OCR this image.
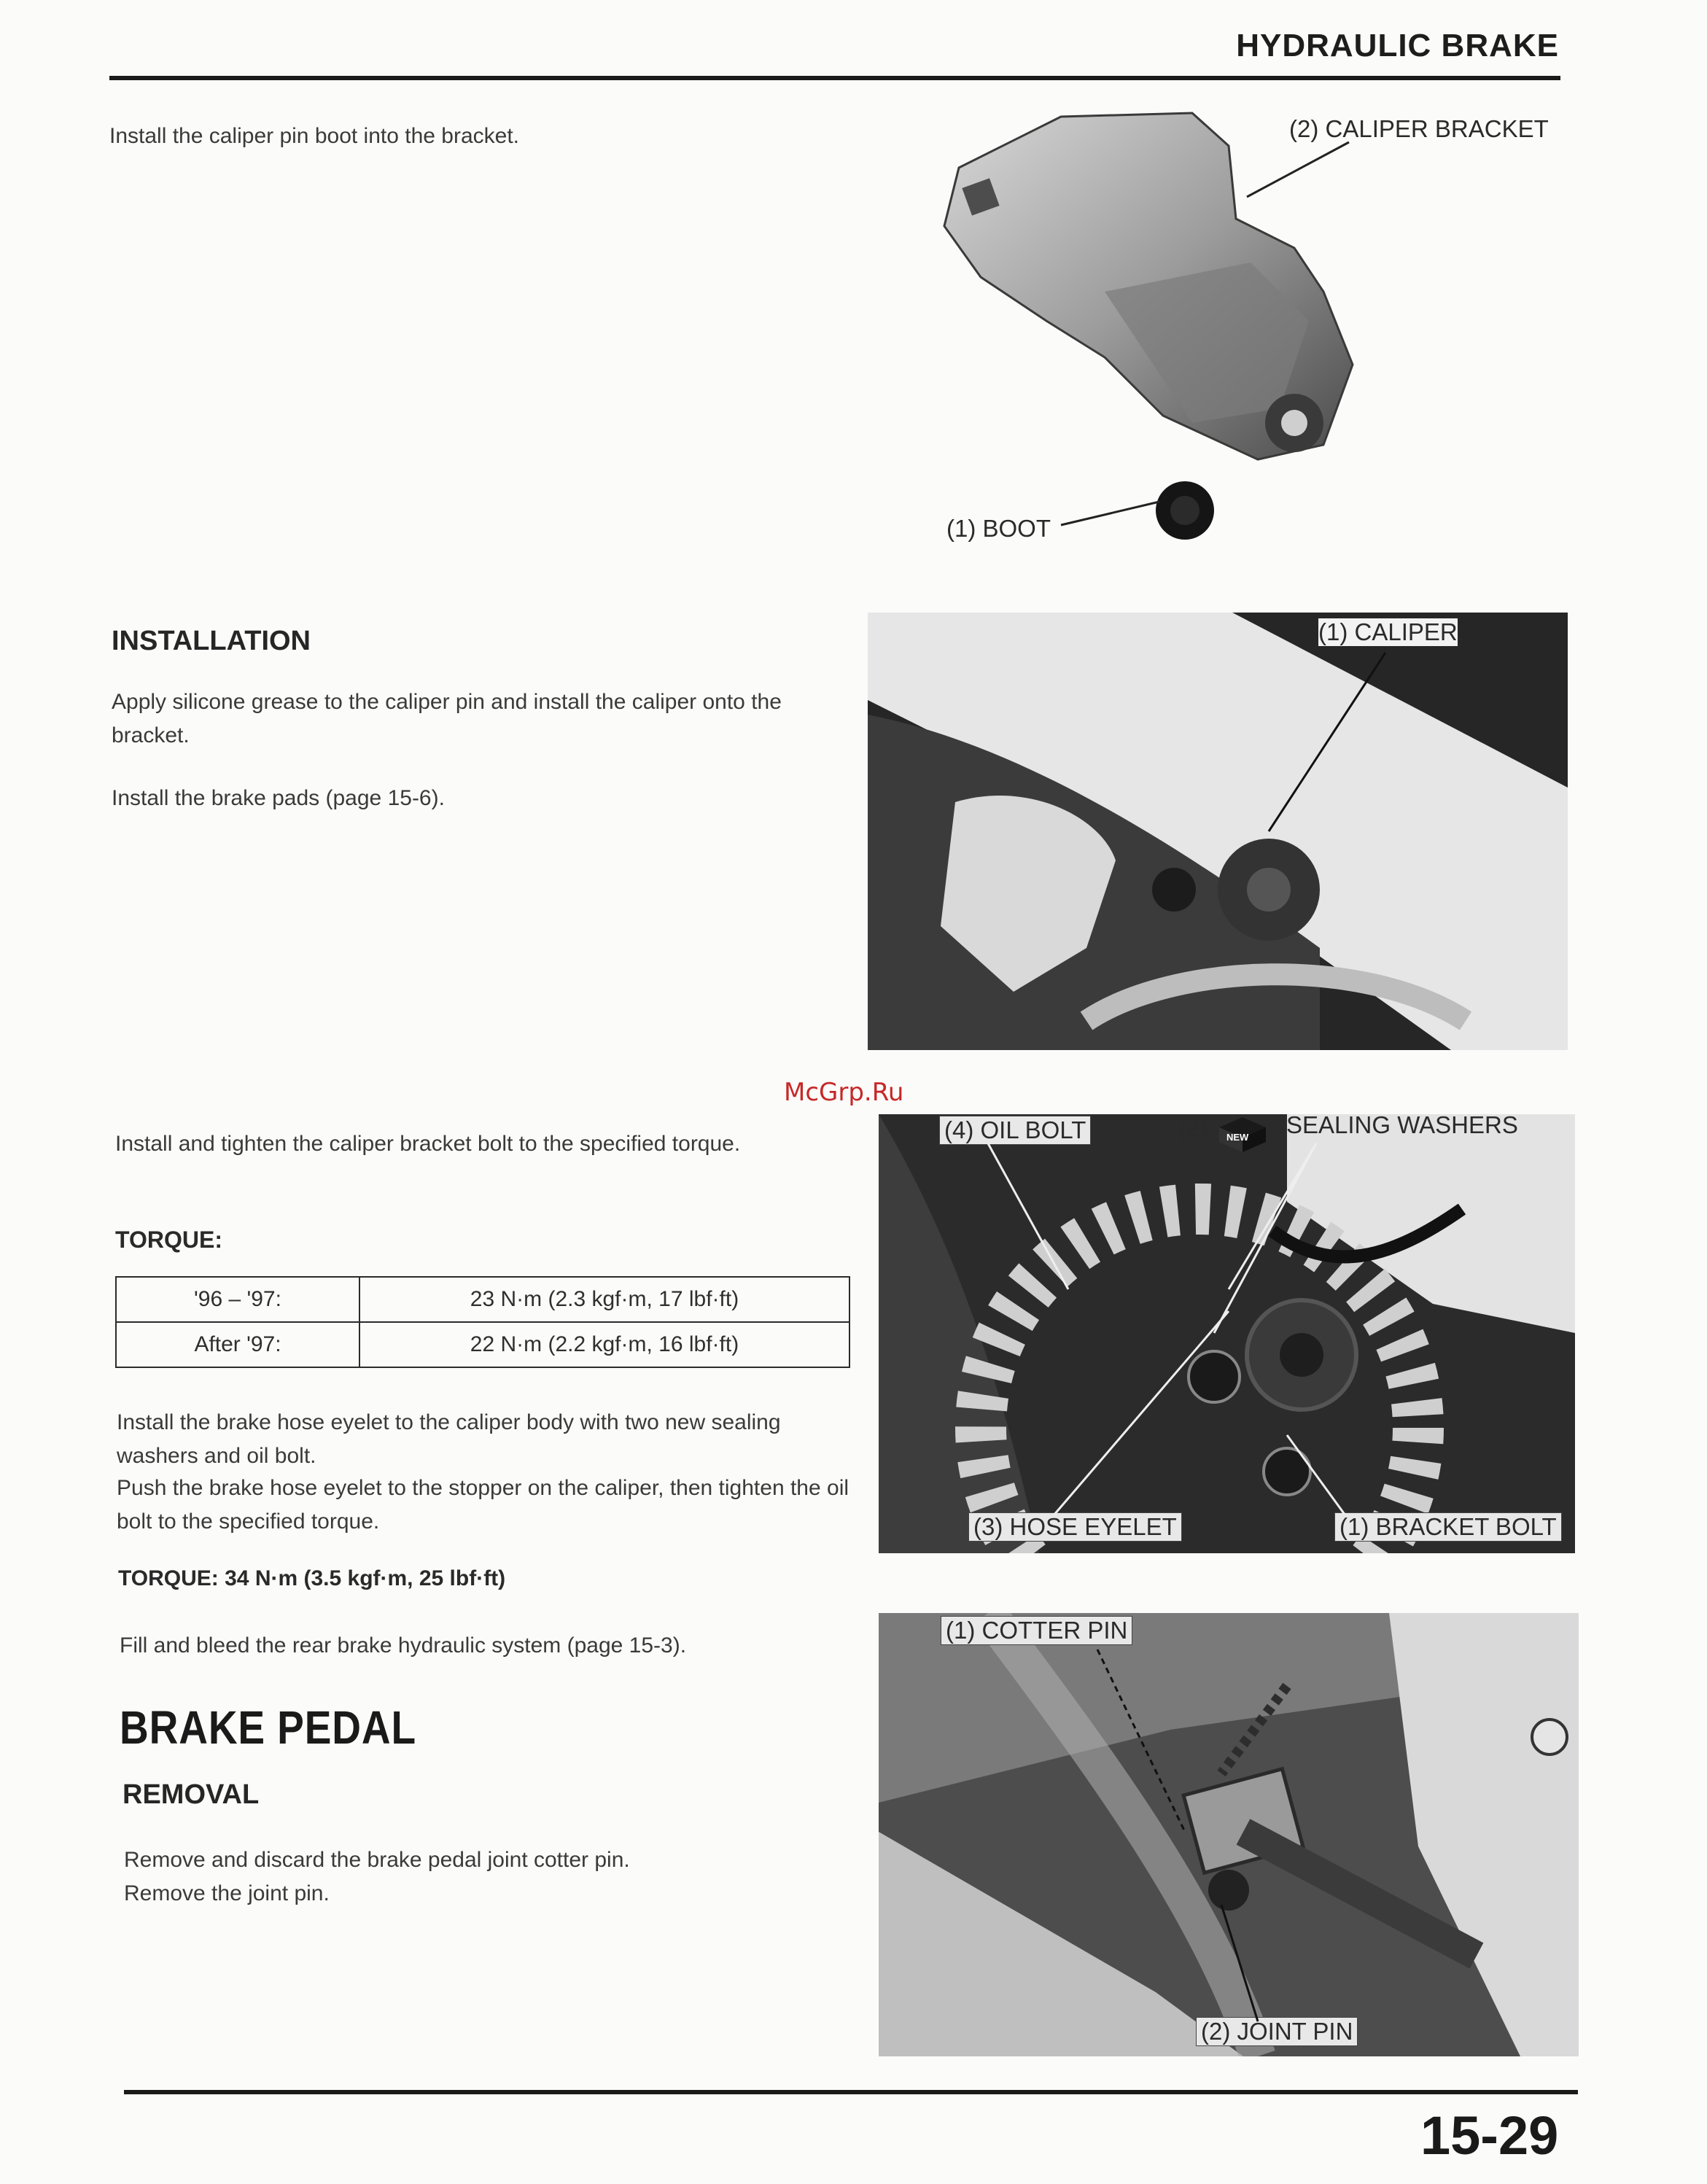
HYDRAULIC BRAKE
Install the caliper pin boot into the bracket.	(2) CALIPER BRACKET
(1) BOOT
INSTALLATION
Apply silicone grease to the caliper pin and install the caliper onto the bracket.
Install the brake pads (page 15-6).
(1) CALIPER
McGrp.Ru
Install and tighten the caliper bracket bolt to the specified torque.
TORQUE:
'96 – '97:	23 N·m (2.3 kgf·m, 17 lbf·ft)
After '97:	22 N·m (2.2 kgf·m, 16 lbf·ft)
Install the brake hose eyelet to the caliper body with two new sealing washers and oil bolt.
Push the brake hose eyelet to the stopper on the caliper, then tighten the oil bolt to the specified torque.
TORQUE: 34 N·m (3.5 kgf·m, 25 lbf·ft)
Fill and bleed the rear brake hydraulic system (page 15-3).
(4) OIL BOLT	(2) NEW SEALING WASHERS
(3) HOSE EYELET	(1) BRACKET BOLT
BRAKE PEDAL
REMOVAL
Remove and discard the brake pedal joint cotter pin.
Remove the joint pin.
(1) COTTER PIN
(2) JOINT PIN
15-29
